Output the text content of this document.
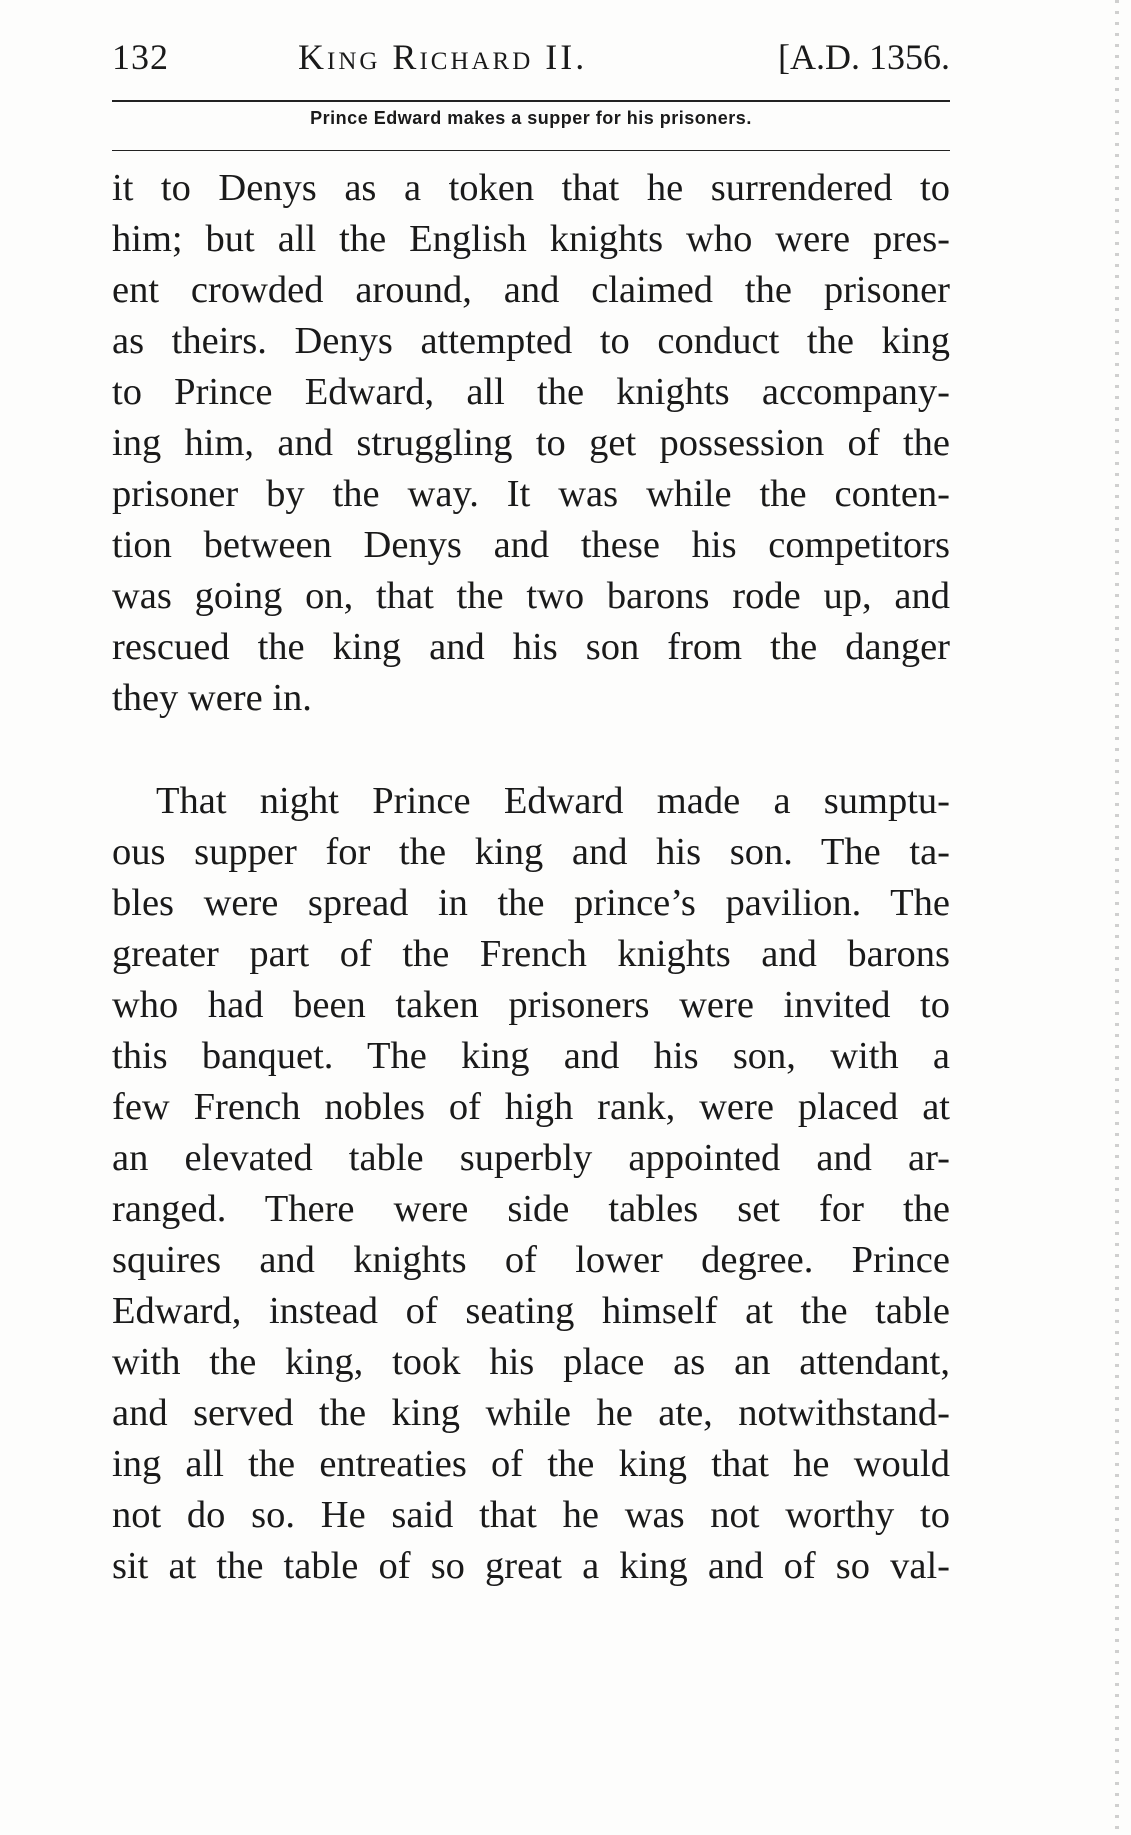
132	King Richard II.	[A.D. 1356.
Prince Edward makes a supper for his prisoners.
it to Denys as a token that he surrendered to
him; but all the English knights who were pres-
ent crowded around, and claimed the prisoner
as theirs. Denys attempted to conduct the king
to Prince Edward, all the knights accompany-
ing him, and struggling to get possession of the
prisoner by the way. It was while the conten-
tion between Denys and these his competitors
was going on, that the two barons rode up, and
rescued the king and his son from the danger
they were in.
That night Prince Edward made a sumptu-
ous supper for the king and his son. The ta-
bles were spread in the prince’s pavilion. The
greater part of the French knights and barons
who had been taken prisoners were invited to
this banquet. The king and his son, with a
few French nobles of high rank, were placed at
an elevated table superbly appointed and ar-
ranged. There were side tables set for the
squires and knights of lower degree. Prince
Edward, instead of seating himself at the table
with the king, took his place as an attendant,
and served the king while he ate, notwithstand-
ing all the entreaties of the king that he would
not do so. He said that he was not worthy to
sit at the table of so great a king and of so val-
